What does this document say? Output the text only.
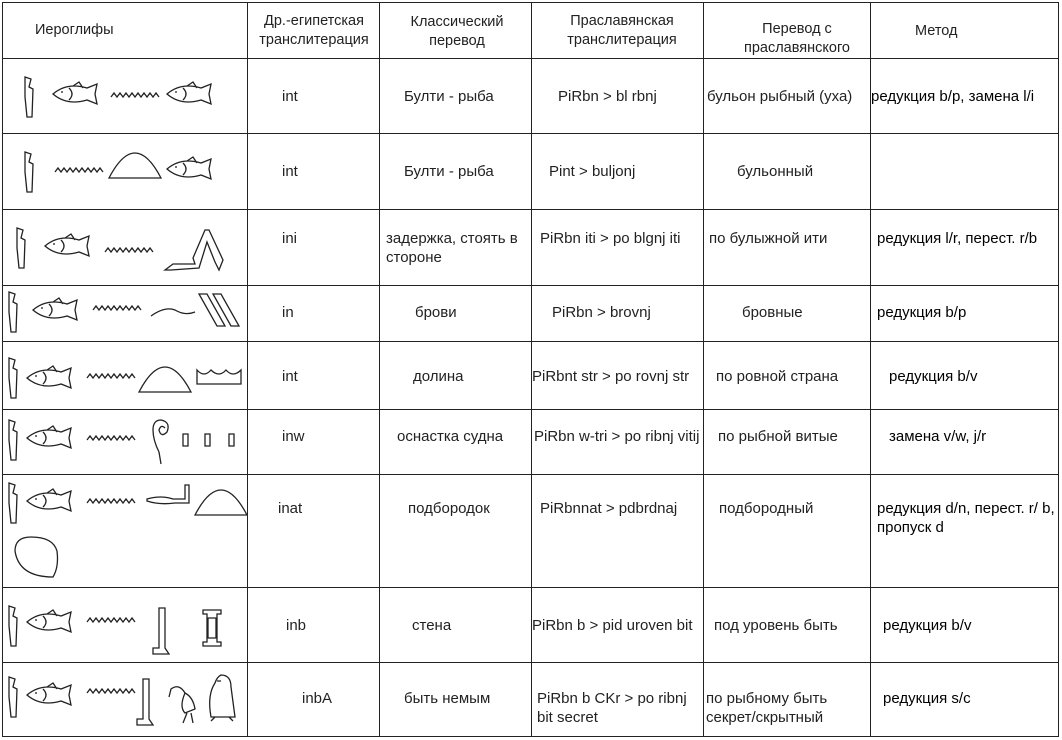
Иероглифы	Др.-египетская транслитерация	Классический перевод	Праславянская транслитерация	Перевод с праславянского	Метод

int	Булти - рыба	PiRbn > bl rbnj	бульон рыбный (уха)	редукция b/p, замена l/i

int	Булти - рыба	Pint > buljonj	бульонный	

ini	задержка, стоять в стороне	PiRbn iti > po blgnj iti	по булыжной ити	редукция l/r, перест. r/b

in	брови	PiRbn > brovnj	бровные	редукция b/p

int	долина	PiRbnt str > po rovnj str	по ровной страна	редукция b/v

inw	оснастка судна	PiRbn w-tri > po ribnj vitij	по рыбной витые	замена v/w, j/r

inat	подбородок	PiRbnnat > pdbrdnaj	подбородный	редукция d/n, перест. r/ b, пропуск d

inb	стена	PiRbn b > pid uroven bit	под уровень быть	редукция b/v

inbA	быть немым	PiRbn b CKr > po ribnj bit secret	по рыбному быть секрет/скрытный	редукция s/c
